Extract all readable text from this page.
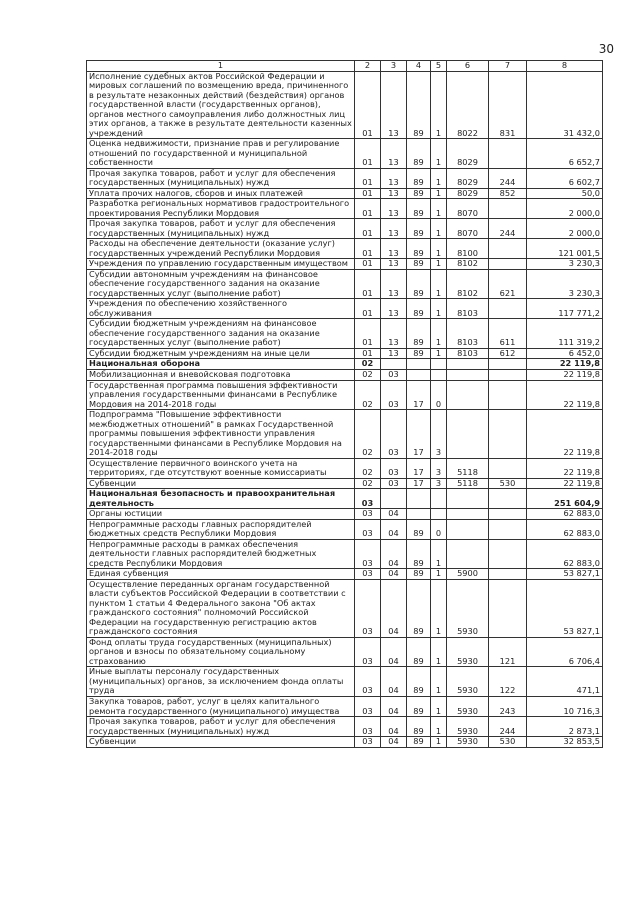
30
1	2	3	4	5	6	7	8
Исполнение судебных актов Российской Федерации и мировых соглашений по возмещению вреда, причиненного в результате незаконных действий (бездействия) органов государственной власти (государственных органов), органов местного самоуправления либо должностных лиц этих органов, а также в результате деятельности казенных учреждений	01	13	89	1	8022	831	31 432,0
Оценка недвижимости, признание прав и регулирование отношений по государственной и муниципальной собственности	01	13	89	1	8029		6 652,7
Прочая закупка товаров, работ и услуг для обеспечения государственных (муниципальных) нужд	01	13	89	1	8029	244	6 602,7
Уплата прочих налогов, сборов и иных платежей	01	13	89	1	8029	852	50,0
Разработка региональных нормативов градостроительного проектирования Республики Мордовия	01	13	89	1	8070		2 000,0
Прочая закупка товаров, работ и услуг для обеспечения государственных (муниципальных) нужд	01	13	89	1	8070	244	2 000,0
Расходы на обеспечение деятельности (оказание услуг) государственных учреждений Республики Мордовия	01	13	89	1	8100		121 001,5
Учреждения по управлению государственным имуществом	01	13	89	1	8102		3 230,3
Субсидии автономным учреждениям на финансовое обеспечение государственного задания на оказание государственных услуг (выполнение работ)	01	13	89	1	8102	621	3 230,3
Учреждения по обеспечению хозяйственного обслуживания	01	13	89	1	8103		117 771,2
Субсидии бюджетным учреждениям на финансовое обеспечение государственного задания на оказание государственных услуг (выполнение работ)	01	13	89	1	8103	611	111 319,2
Субсидии бюджетным учреждениям на иные цели	01	13	89	1	8103	612	6 452,0
Национальная оборона	02						22 119,8
Мобилизационная и вневойсковая подготовка	02	03					22 119,8
Государственная программа повышения эффективности управления государственными финансами в Республике Мордовия на 2014-2018 годы	02	03	17	0			22 119,8
Подпрограмма "Повышение эффективности межбюджетных отношений" в рамках Государственной программы повышения эффективности управления государственными финансами в Республике Мордовия на 2014-2018 годы	02	03	17	3			22 119,8
Осуществление первичного воинского учета на территориях, где отсутствуют военные комиссариаты	02	03	17	3	5118		22 119,8
Субвенции	02	03	17	3	5118	530	22 119,8
Национальная безопасность и правоохранительная деятельность	03						251 604,9
Органы юстиции	03	04					62 883,0
Непрограммные расходы главных распорядителей бюджетных средств Республики Мордовия	03	04	89	0			62 883,0
Непрограммные расходы в рамках обеспечения деятельности главных распорядителей бюджетных средств Республики Мордовия	03	04	89	1			62 883,0
Единая субвенция	03	04	89	1	5900		53 827,1
Осуществление переданных органам государственной власти субъектов Российской Федерации в соответствии с пунктом 1 статьи 4 Федерального закона "Об актах гражданского состояния" полномочий Российской Федерации на государственную регистрацию актов гражданского состояния	03	04	89	1	5930		53 827,1
Фонд оплаты труда государственных (муниципальных) органов и взносы по обязательному социальному страхованию	03	04	89	1	5930	121	6 706,4
Иные выплаты персоналу государственных (муниципальных) органов, за исключением фонда оплаты труда	03	04	89	1	5930	122	471,1
Закупка товаров, работ, услуг в целях капитального ремонта государственного (муниципального) имущества	03	04	89	1	5930	243	10 716,3
Прочая закупка товаров, работ и услуг для обеспечения государственных (муниципальных) нужд	03	04	89	1	5930	244	2 873,1
Субвенции	03	04	89	1	5930	530	32 853,5
